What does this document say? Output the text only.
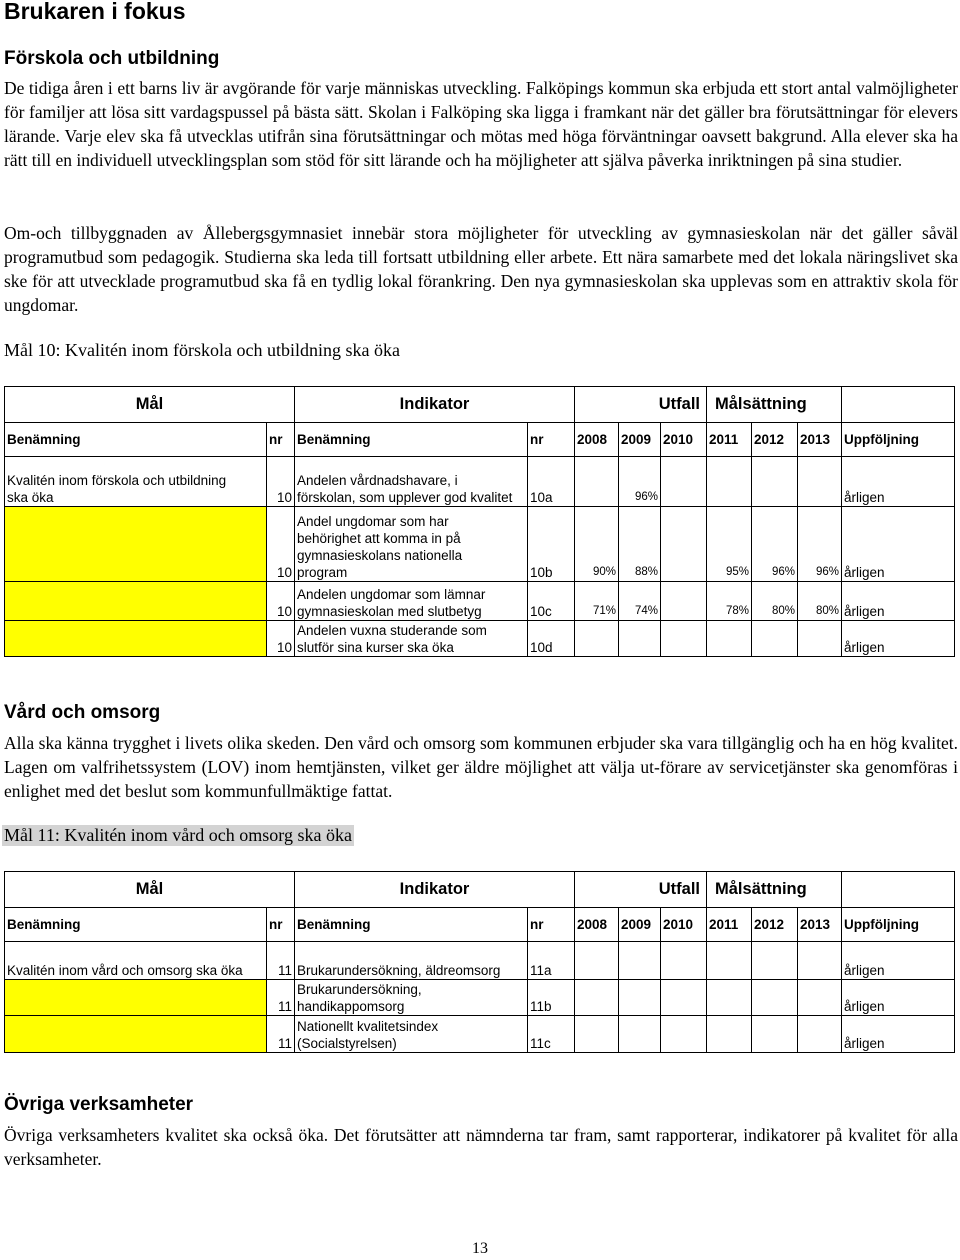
Brukaren i fokus
Förskola och utbildning
De tidiga åren i ett barns liv är avgörande för varje människas utveckling. Falköpings kommun ska erbjuda ett stort antal valmöjligheter för familjer att lösa sitt vardagspussel på bästa sätt. Skolan i Falköping ska ligga i framkant när det gäller bra förutsättningar för elevers lärande. Varje elev ska få utvecklas utifrån sina förutsättningar och mötas med höga förväntningar oavsett bakgrund. Alla elever ska ha rätt till en individuell utvecklingsplan som stöd för sitt lärande och ha möjligheter att själva påverka inriktningen på sina studier.
Om-och tillbyggnaden av Ållebergsgymnasiet innebär stora möjligheter för utveckling av gymnasieskolan när det gäller såväl programutbud som pedagogik. Studierna ska leda till fortsatt utbildning eller arbete. Ett nära samarbete med det lokala näringslivet ska ske för att utvecklade programutbud ska få en tydlig lokal förankring. Den nya gymnasieskolan ska upplevas som en attraktiv skola för ungdomar.
Mål 10: Kvalitén inom förskola och utbildning ska öka
Mål		Indikator		Utfall			Målsättning			
Benämning	nr	Benämning	nr	2008	2009	2010	2011	2012	2013	Uppföljning

Kvalitén inom förskola och utbildning
ska öka	10	Andelen vårdnadshavare, i
förskolan, som upplever god kvalitet	10a		96%					årligen
	10	Andel ungdomar som har
behörighet att komma in på
gymnasieskolans nationella
program	10b	90%	88%		95%	96%	96%	årligen
	10	Andelen ungdomar som lämnar
gymnasieskolan med slutbetyg	10c	71%	74%		78%	80%	80%	årligen
	10	Andelen vuxna studerande som
slutför sina kurser ska öka	10d							årligen
Vård och omsorg
Alla ska känna trygghet i livets olika skeden. Den vård och omsorg som kommunen erbjuder ska vara tillgänglig och ha en hög kvalitet. Lagen om valfrihetssystem (LOV) inom hemtjänsten, vilket ger äldre möjlighet att välja ut-förare av servicetjänster ska genomföras i enlighet med det beslut som kommunfullmäktige fattat.
Mål 11: Kvalitén inom vård och omsorg ska öka
Mål		Indikator		Utfall			Målsättning			
Benämning	nr	Benämning	nr	2008	2009	2010	2011	2012	2013	Uppföljning

Kvalitén inom vård och omsorg ska öka	11	Brukarundersökning, äldreomsorg	11a							årligen
	11	Brukarundersökning,
handikappomsorg	11b							årligen
	11	Nationellt kvalitetsindex
(Socialstyrelsen)	11c							årligen
Övriga verksamheter
Övriga verksamheters kvalitet ska också öka. Det förutsätter att nämnderna tar fram, samt rapporterar, indikatorer på kvalitet för alla verksamheter.
13
